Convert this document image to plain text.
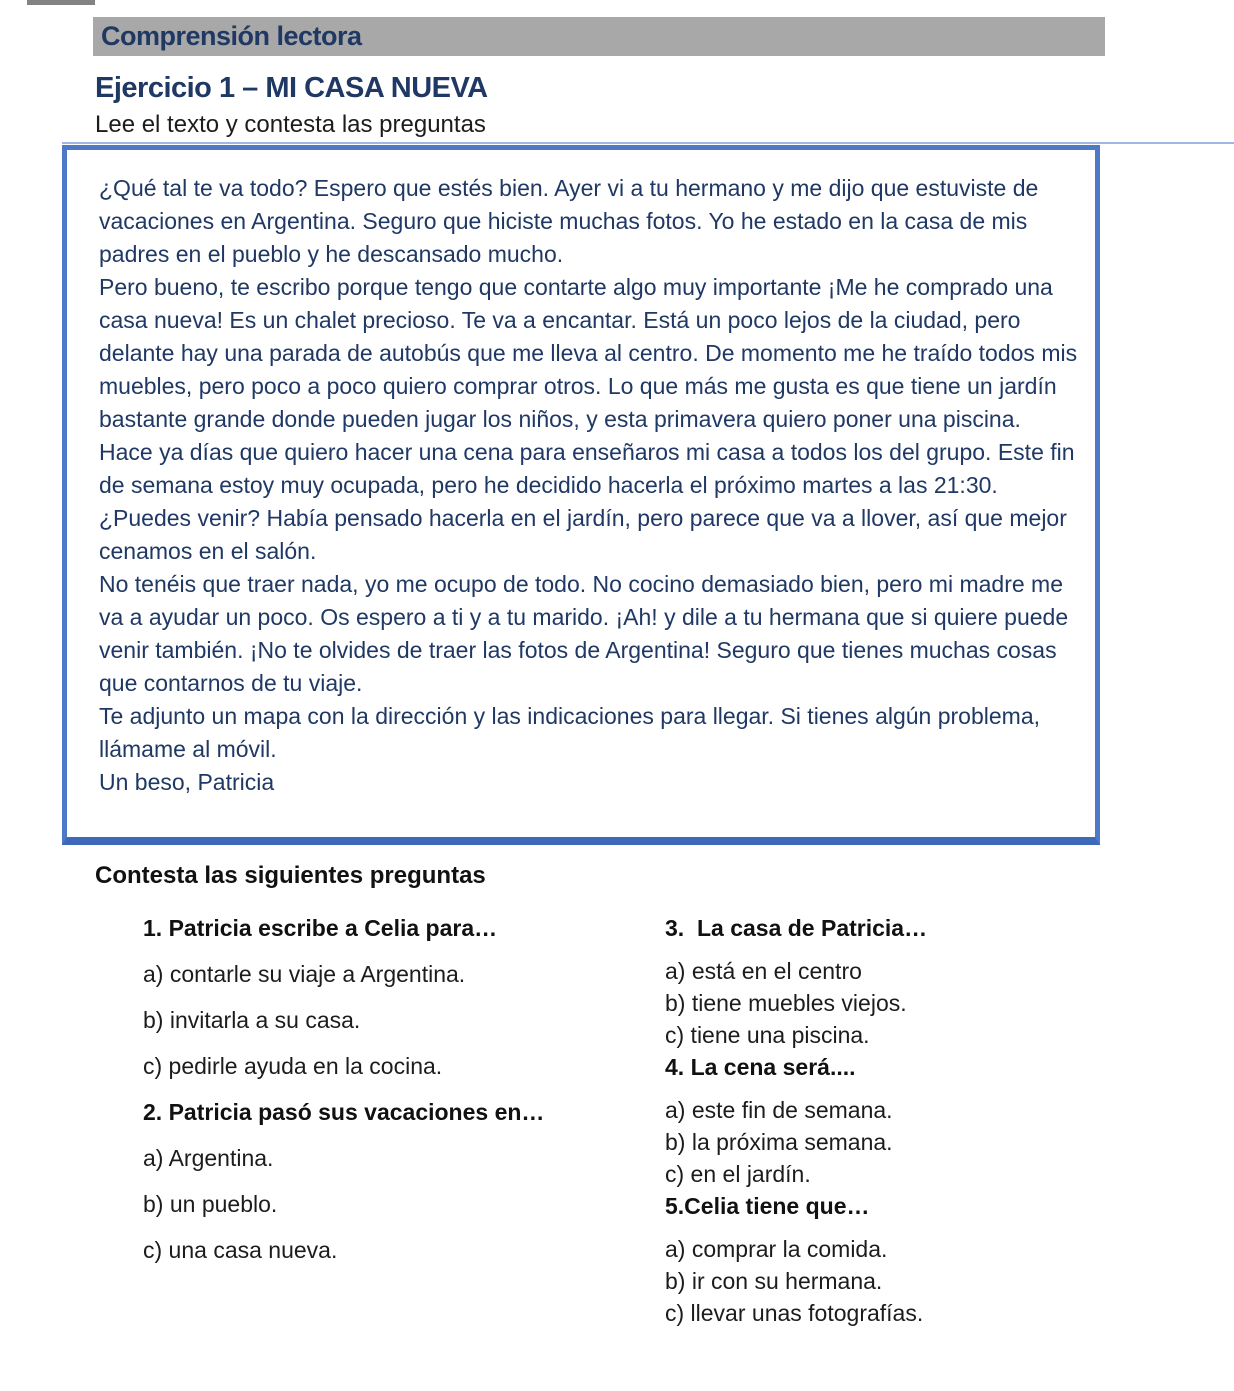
Comprensión lectora
Ejercicio 1 – MI CASA NUEVA

Lee el texto y contesta las preguntas

¿Qué tal te va todo? Espero que estés bien. Ayer vi a tu hermano y me dijo que estuviste de vacaciones en Argentina. Seguro que hiciste muchas fotos. Yo he estado en la casa de mis padres en el pueblo y he descansado mucho.

Pero bueno, te escribo porque tengo que contarte algo muy importante ¡Me he comprado una casa nueva! Es un chalet precioso. Te va a encantar. Está un poco lejos de la ciudad, pero delante hay una parada de autobús que me lleva al centro. De momento me he traído todos mis muebles, pero poco a poco quiero comprar otros. Lo que más me gusta es que tiene un jardín bastante grande donde pueden jugar los niños, y esta primavera quiero poner una piscina.

Hace ya días que quiero hacer una cena para enseñaros mi casa a todos los del grupo. Este fin de semana estoy muy ocupada, pero he decidido hacerla el próximo martes a las 21:30. ¿Puedes venir? Había pensado hacerla en el jardín, pero parece que va a llover, así que mejor cenamos en el salón.

No tenéis que traer nada, yo me ocupo de todo. No cocino demasiado bien, pero mi madre me va a ayudar un poco. Os espero a ti y a tu marido. ¡Ah! y dile a tu hermana que si quiere puede venir también. ¡No te olvides de traer las fotos de Argentina! Seguro que tienes muchas cosas que contarnos de tu viaje.

Te adjunto un mapa con la dirección y las indicaciones para llegar. Si tienes algún problema, llámame al móvil.

Un beso, Patricia

Contesta las siguientes preguntas

1. Patricia escribe a Celia para…

a) contarle su viaje a Argentina.

b) invitarla a su casa.

c) pedirle ayuda en la cocina.

2. Patricia pasó sus vacaciones en…

a) Argentina.

b) un pueblo.

c) una casa nueva.

3.  La casa de Patricia…

a) está en el centro

b) tiene muebles viejos.

c) tiene una piscina.

4. La cena será....

a) este fin de semana.

b) la próxima semana.

c) en el jardín.

5.Celia tiene que…

a) comprar la comida.

b) ir con su hermana.

c) llevar unas fotografías.
